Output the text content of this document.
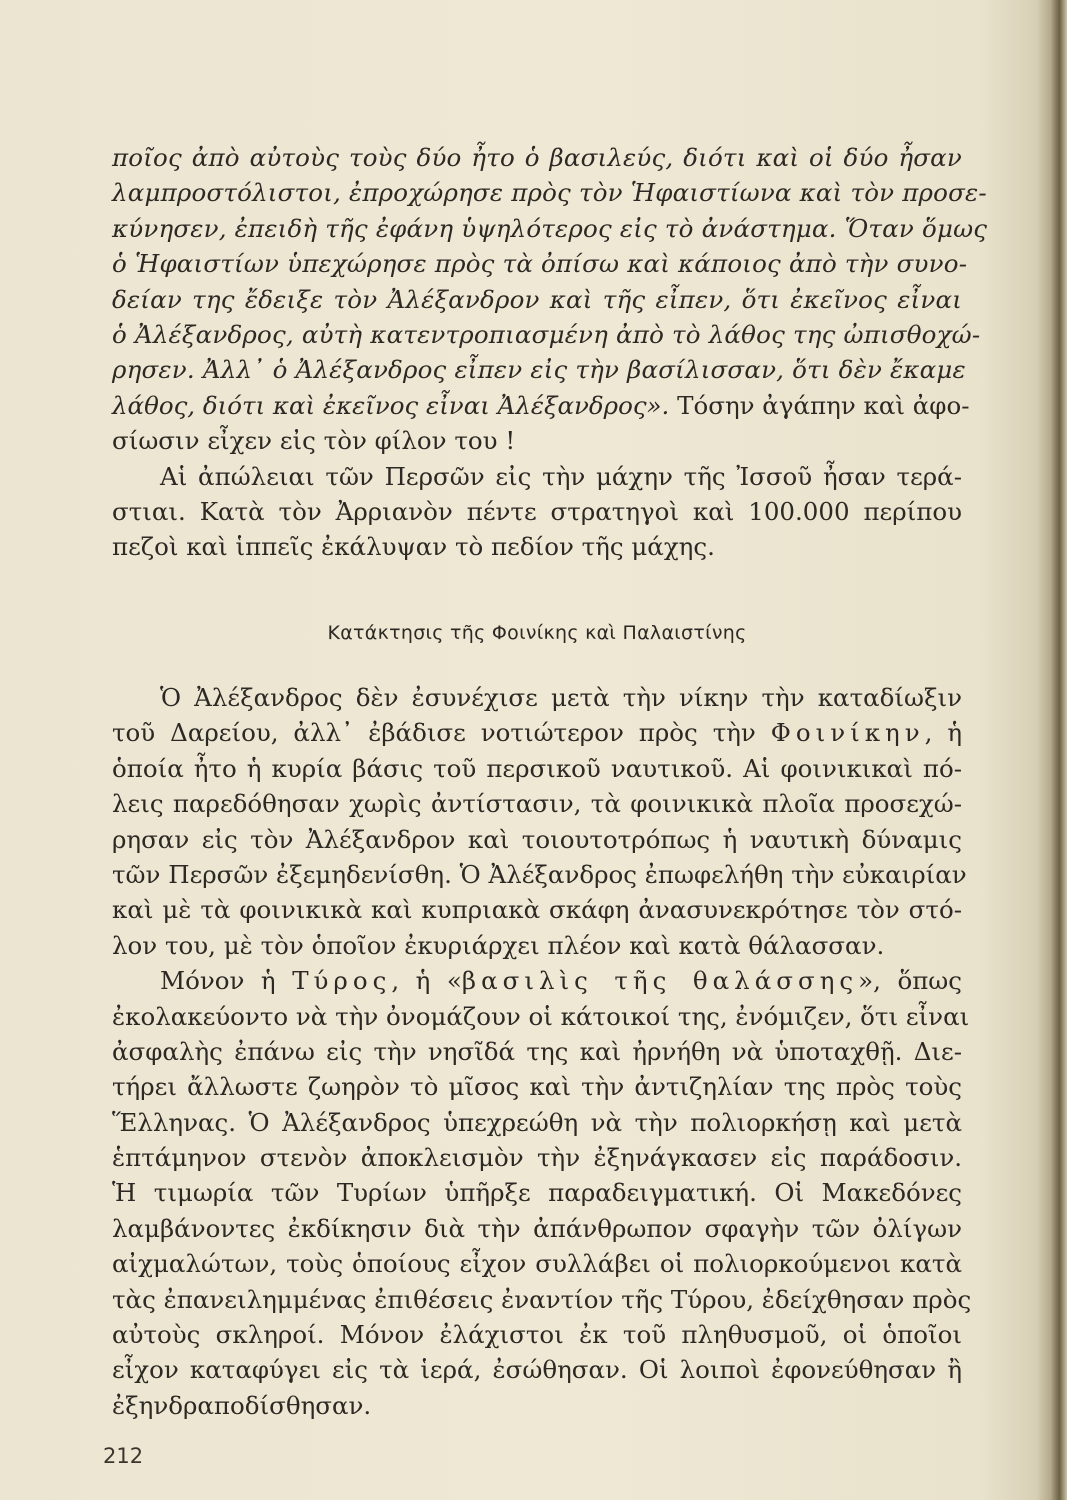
ποῖος ἀπὸ αὐτοὺς τοὺς δύο ἦτο ὁ βασιλεύς, διότι καὶ οἱ δύο ἦσαν
λαμπροστόλιστοι, ἐπροχώρησε πρὸς τὸν Ἡφαιστίωνα καὶ τὸν προσε-
κύνησεν, ἐπειδὴ τῆς ἐφάνη ὑψηλότερος εἰς τὸ ἀνάστημα. Ὅταν ὅμως
ὁ Ἡφαιστίων ὑπεχώρησε πρὸς τὰ ὀπίσω καὶ κάποιος ἀπὸ τὴν συνο-
δείαν της ἔδειξε τὸν Ἀλέξανδρον καὶ τῆς εἶπεν, ὅτι ἐκεῖνος εἶναι
ὁ Ἀλέξανδρος, αὐτὴ κατεντροπιασμένη ἀπὸ τὸ λάθος της ὠπισθοχώ-
ρησεν. Ἀλλ᾽ ὁ Ἀλέξανδρος εἶπεν εἰς τὴν βασίλισσαν, ὅτι δὲν ἔκαμε
λάθος, διότι καὶ ἐκεῖνος εἶναι Ἀλέξανδρος». Τόσην ἀγάπην καὶ ἀφο-
σίωσιν εἶχεν εἰς τὸν φίλον του !
Αἱ ἀπώλειαι τῶν Περσῶν εἰς τὴν μάχην τῆς Ἰσσοῦ ἦσαν τερά-
στιαι. Κατὰ τὸν Ἀρριανὸν πέντε στρατηγοὶ καὶ 100.000 περίπου
πεζοὶ καὶ ἱππεῖς ἐκάλυψαν τὸ πεδίον τῆς μάχης.
Κατάκτησις τῆς Φοινίκης καὶ Παλαιστίνης
Ὁ Ἀλέξανδρος δὲν ἐσυνέχισε μετὰ τὴν νίκην τὴν καταδίωξιν
τοῦ Δαρείου, ἀλλ᾽ ἐβάδισε νοτιώτερον πρὸς τὴν Φοινίκην, ἡ
ὁποία ἦτο ἡ κυρία βάσις τοῦ περσικοῦ ναυτικοῦ. Αἱ φοινικικαὶ πό-
λεις παρεδόθησαν χωρὶς ἀντίστασιν, τὰ φοινικικὰ πλοῖα προσεχώ-
ρησαν εἰς τὸν Ἀλέξανδρον καὶ τοιουτοτρόπως ἡ ναυτικὴ δύναμις
τῶν Περσῶν ἐξεμηδενίσθη. Ὁ Ἀλέξανδρος ἐπωφελήθη τὴν εὐκαιρίαν
καὶ μὲ τὰ φοινικικὰ καὶ κυπριακὰ σκάφη ἀνασυνεκρότησε τὸν στό-
λον του, μὲ τὸν ὁποῖον ἐκυριάρχει πλέον καὶ κατὰ θάλασσαν.
Μόνον ἡ Τύρος, ἡ «βασιλὶς τῆς θαλάσσης», ὅπως
ἐκολακεύοντο νὰ τὴν ὀνομάζουν οἱ κάτοικοί της, ἐνόμιζεν, ὅτι εἶναι
ἀσφαλὴς ἐπάνω εἰς τὴν νησῖδά της καὶ ἠρνήθη νὰ ὑποταχθῇ. Διε-
τήρει ἄλλωστε ζωηρὸν τὸ μῖσος καὶ τὴν ἀντιζηλίαν της πρὸς τοὺς
Ἕλληνας. Ὁ Ἀλέξανδρος ὑπεχρεώθη νὰ τὴν πολιορκήσῃ καὶ μετὰ
ἑπτάμηνον στενὸν ἀποκλεισμὸν τὴν ἐξηνάγκασεν εἰς παράδοσιν.
Ἡ τιμωρία τῶν Τυρίων ὑπῆρξε παραδειγματική. Οἱ Μακεδόνες
λαμβάνοντες ἐκδίκησιν διὰ τὴν ἀπάνθρωπον σφαγὴν τῶν ὀλίγων
αἰχμαλώτων, τοὺς ὁποίους εἶχον συλλάβει οἱ πολιορκούμενοι κατὰ
τὰς ἐπανειλημμένας ἐπιθέσεις ἐναντίον τῆς Τύρου, ἐδείχθησαν πρὸς
αὐτοὺς σκληροί. Μόνον ἐλάχιστοι ἐκ τοῦ πληθυσμοῦ, οἱ ὁποῖοι
εἶχον καταφύγει εἰς τὰ ἱερά, ἐσώθησαν. Οἱ λοιποὶ ἐφονεύθησαν ἢ
ἐξηνδραποδίσθησαν.
212
